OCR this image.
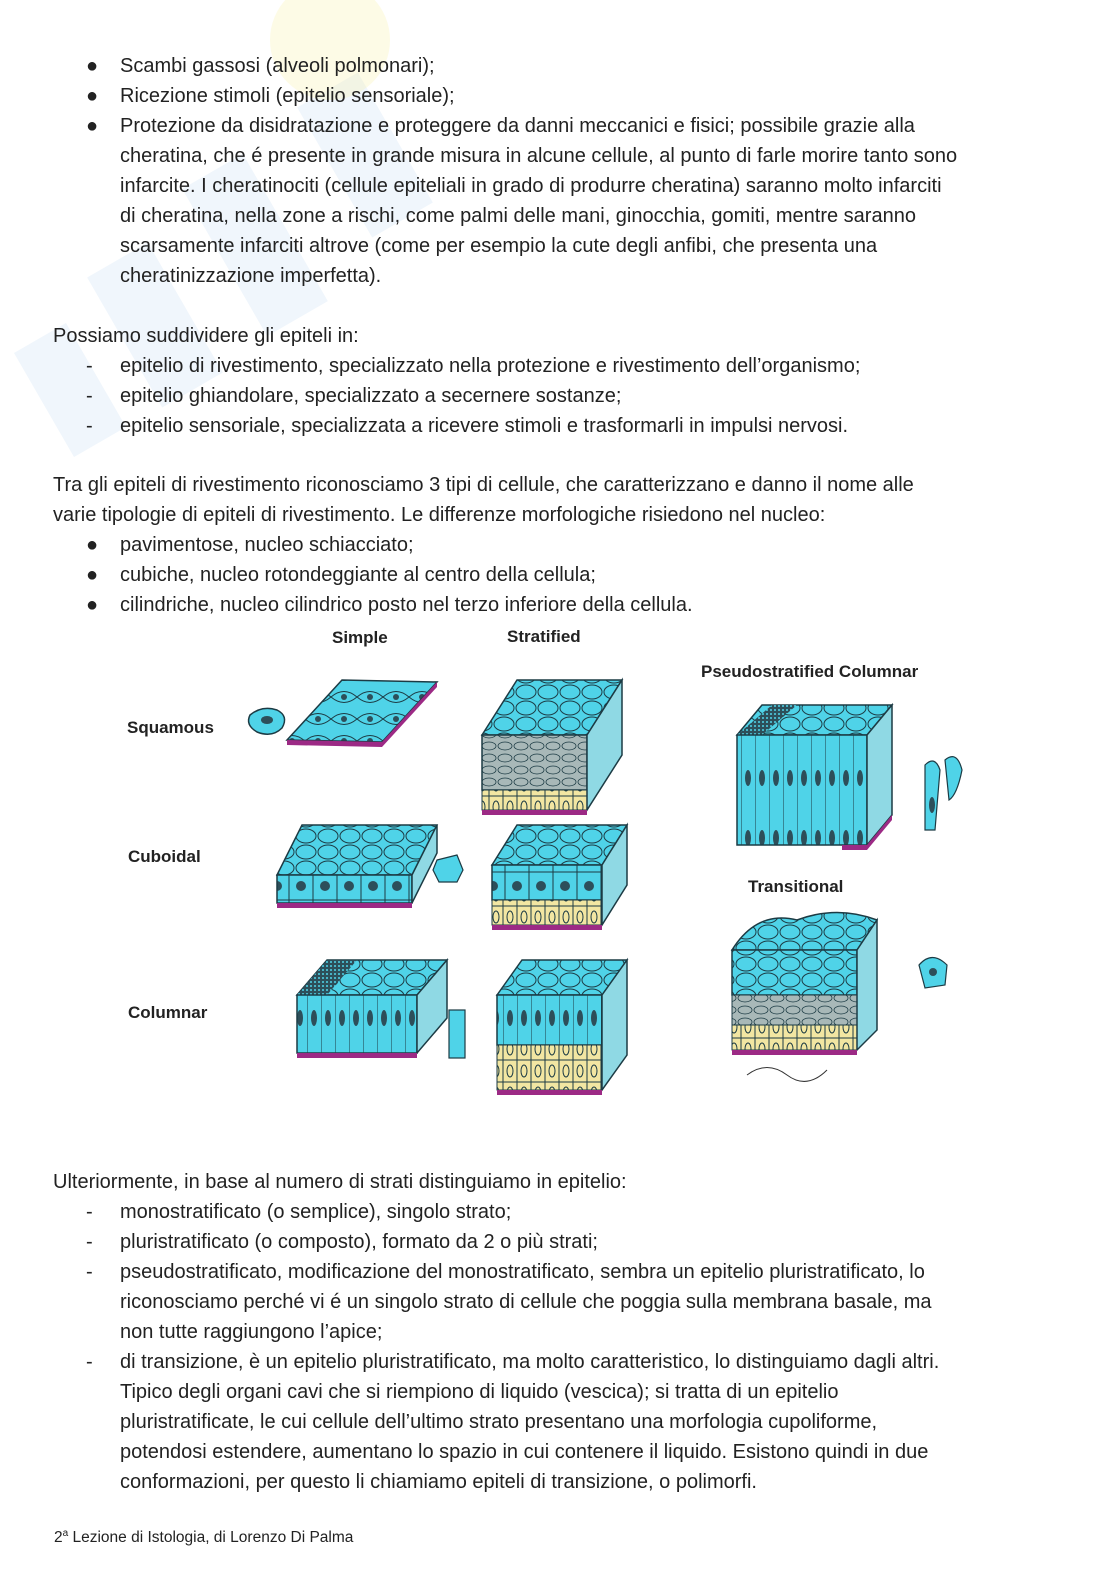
● Scambi gassosi (alveoli polmonari);
● Ricezione stimoli (epitelio sensoriale);
● Protezione da disidratazione e proteggere da danni meccanici e fisici; possibile grazie alla
cheratina, che é presente in grande misura in alcune cellule, al punto di farle morire tanto sono
infarcite. I cheratinociti (cellule epiteliali in grado di produrre cheratina) saranno molto infarciti
di cheratina, nella zone a rischi, come palmi delle mani, ginocchia, gomiti, mentre saranno
scarsamente infarciti altrove (come per esempio la cute degli anfibi, che presenta una
cheratinizzazione imperfetta).
Possiamo suddividere gli epiteli in:
- epitelio di rivestimento, specializzato nella protezione e rivestimento dell’organismo;
- epitelio ghiandolare, specializzato a secernere sostanze;
- epitelio sensoriale, specializzata a ricevere stimoli e trasformarli in impulsi nervosi.
Tra gli epiteli di rivestimento riconosciamo 3 tipi di cellule, che caratterizzano e danno il nome alle
varie tipologie di epiteli di rivestimento. Le differenze morfologiche risiedono nel nucleo:
● pavimentose, nucleo schiacciato;
● cubiche, nucleo rotondeggiante al centro della cellula;
● cilindriche, nucleo cilindrico posto nel terzo inferiore della cellula.
Simple	Stratified
Pseudostratified Columnar
Squamous
Cuboidal
Transitional
Columnar
Ulteriormente, in base al numero di strati distinguiamo in epitelio:
- monostratificato (o semplice), singolo strato;
- pluristratificato (o composto), formato da 2 o più strati;
- pseudostratificato, modificazione del monostratificato, sembra un epitelio pluristratificato, lo
riconosciamo perché vi é un singolo strato di cellule che poggia sulla membrana basale, ma
non tutte raggiungono l’apice;
- di transizione, è un epitelio pluristratificato, ma molto caratteristico, lo distinguiamo dagli altri.
Tipico degli organi cavi che si riempiono di liquido (vescica); si tratta di un epitelio
pluristratificate, le cui cellule dell’ultimo strato presentano una morfologia cupoliforme,
potendosi estendere, aumentano lo spazio in cui contenere il liquido. Esistono quindi in due
conformazioni, per questo li chiamiamo epiteli di transizione, o polimorfi.
2$^a$ Lezione di Istologia, di Lorenzo Di Palma
